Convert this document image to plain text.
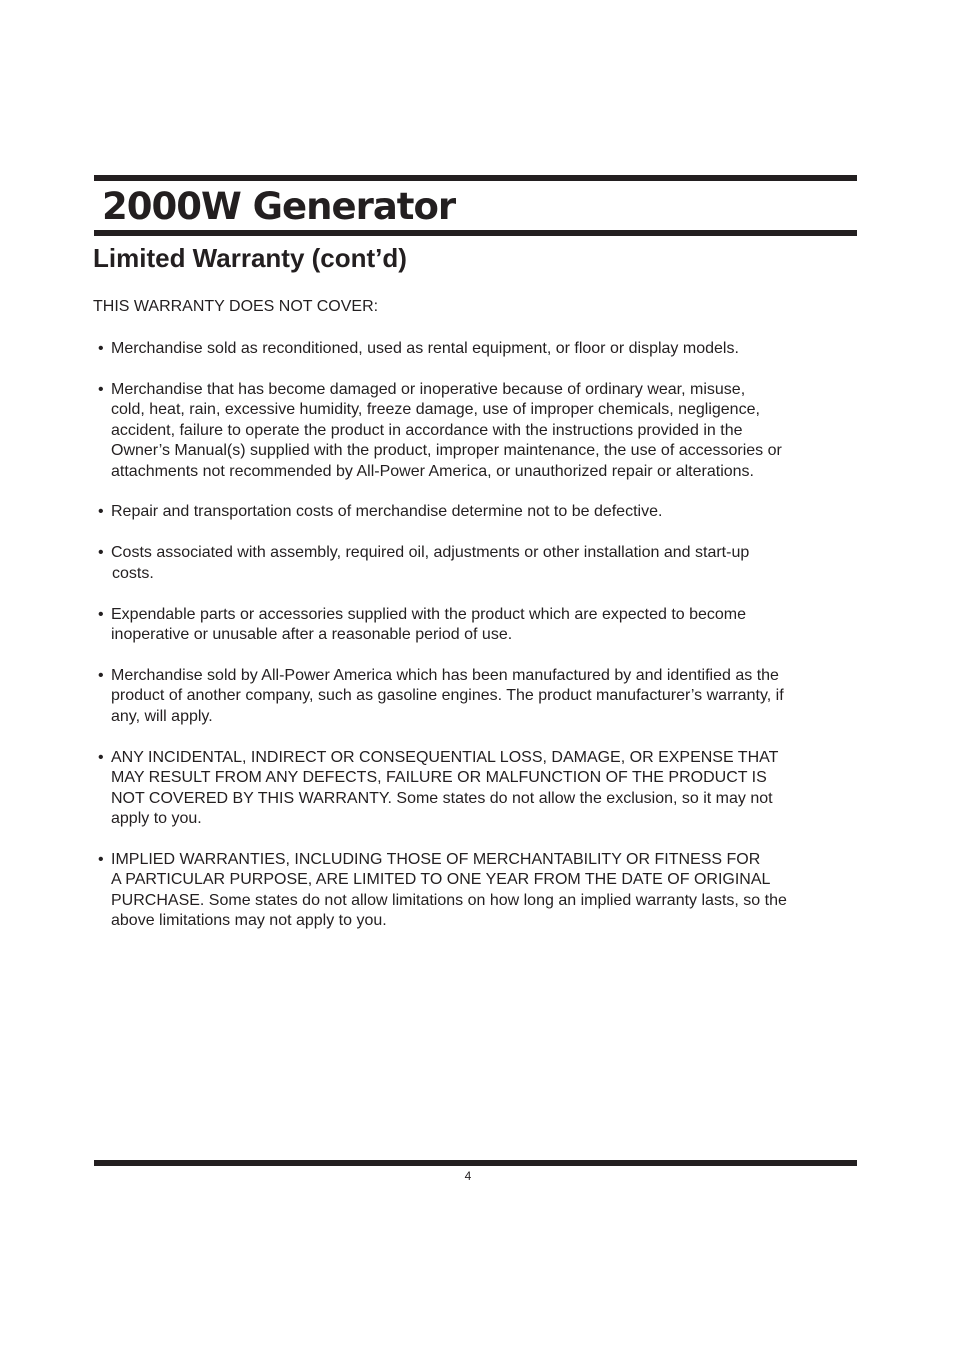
2000W Generator
Limited Warranty (cont’d)

THIS WARRANTY DOES NOT COVER:

• Merchandise sold as reconditioned, used as rental equipment, or floor or display models.
• Merchandise that has become damaged or inoperative because of ordinary wear, misuse,
cold, heat, rain, excessive humidity, freeze damage, use of improper chemicals, negligence,
accident, failure to operate the product in accordance with the instructions provided in the
Owner’s Manual(s) supplied with the product, improper maintenance, the use of accessories or
attachments not recommended by All-Power America, or unauthorized repair or alterations.
• Repair and transportation costs of merchandise determine not to be defective.
• Costs associated with assembly, required oil, adjustments or other installation and start-up
costs.
• Expendable parts or accessories supplied with the product which are expected to become
inoperative or unusable after a reasonable period of use.
• Merchandise sold by All-Power America which has been manufactured by and identified as the
product of another company, such as gasoline engines. The product manufacturer’s warranty, if
any, will apply.
• ANY INCIDENTAL, INDIRECT OR CONSEQUENTIAL LOSS, DAMAGE, OR EXPENSE THAT
MAY RESULT FROM ANY DEFECTS, FAILURE OR MALFUNCTION OF THE PRODUCT IS
NOT COVERED BY THIS WARRANTY. Some states do not allow the exclusion, so it may not
apply to you.
• IMPLIED WARRANTIES, INCLUDING THOSE OF MERCHANTABILITY OR FITNESS FOR
A PARTICULAR PURPOSE, ARE LIMITED TO ONE YEAR FROM THE DATE OF ORIGINAL
PURCHASE. Some states do not allow limitations on how long an implied warranty lasts, so the
above limitations may not apply to you.
4
